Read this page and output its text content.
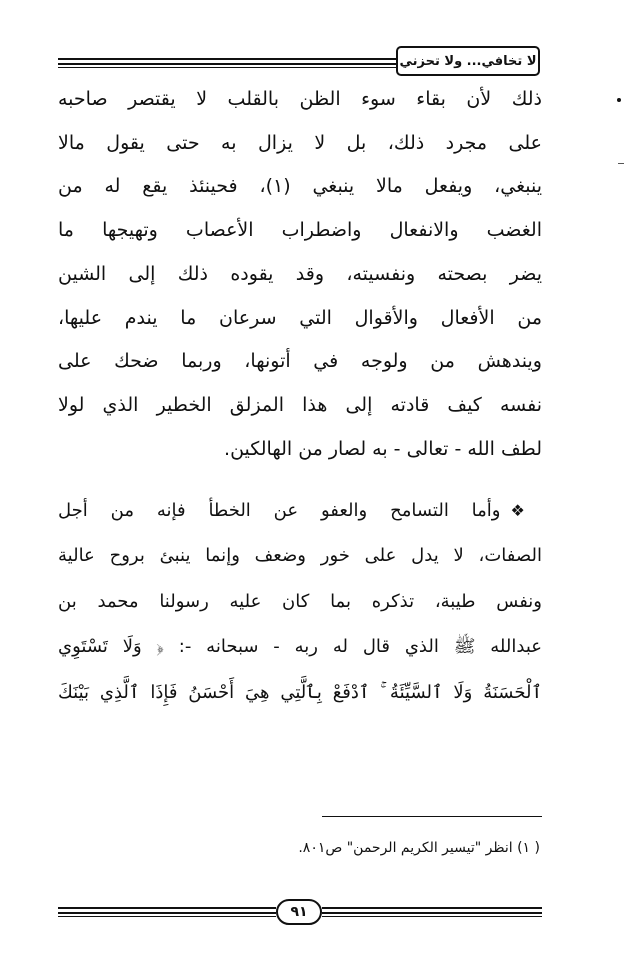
لا تخافي... ولا تحزني
ذلك لأن بقاء سوء الظن بالقلب لا يقتصر صاحبه
على مجرد ذلك، بل لا يزال به حتى يقول مالا
ينبغي، ويفعل مالا ينبغي (١)، فحينئذ يقع له من
الغضب والانفعال واضطراب الأعصاب وتهيجها ما
يضر بصحته ونفسيته، وقد يقوده ذلك إلى الشين
من الأفعال والأقوال التي سرعان ما يندم عليها،
ويندهش من ولوجه في أتونها، وربما ضحك على
نفسه كيف قادته إلى هذا المزلق الخطير الذي لولا
لطف الله - تعالى - به لصار من الهالكين.
❖وأما التسامح والعفو عن الخطأ فإنه من أجل
الصفات، لا يدل على خور وضعف وإنما ينبئ بروح عالية
ونفس طيبة، تذكره بما كان عليه رسولنا محمد بن
عبدالله ﷺ الذي قال له ربه - سبحانه -: ﴿ وَلَا تَسْتَوِي
ٱلْحَسَنَةُ وَلَا ٱلسَّيِّئَةُ ۚ ٱدْفَعْ بِٱلَّتِي هِيَ أَحْسَنُ فَإِذَا ٱلَّذِي بَيْنَكَ
( ١) انظر "تيسير الكريم الرحمن" ص٨٠١.
٩١
